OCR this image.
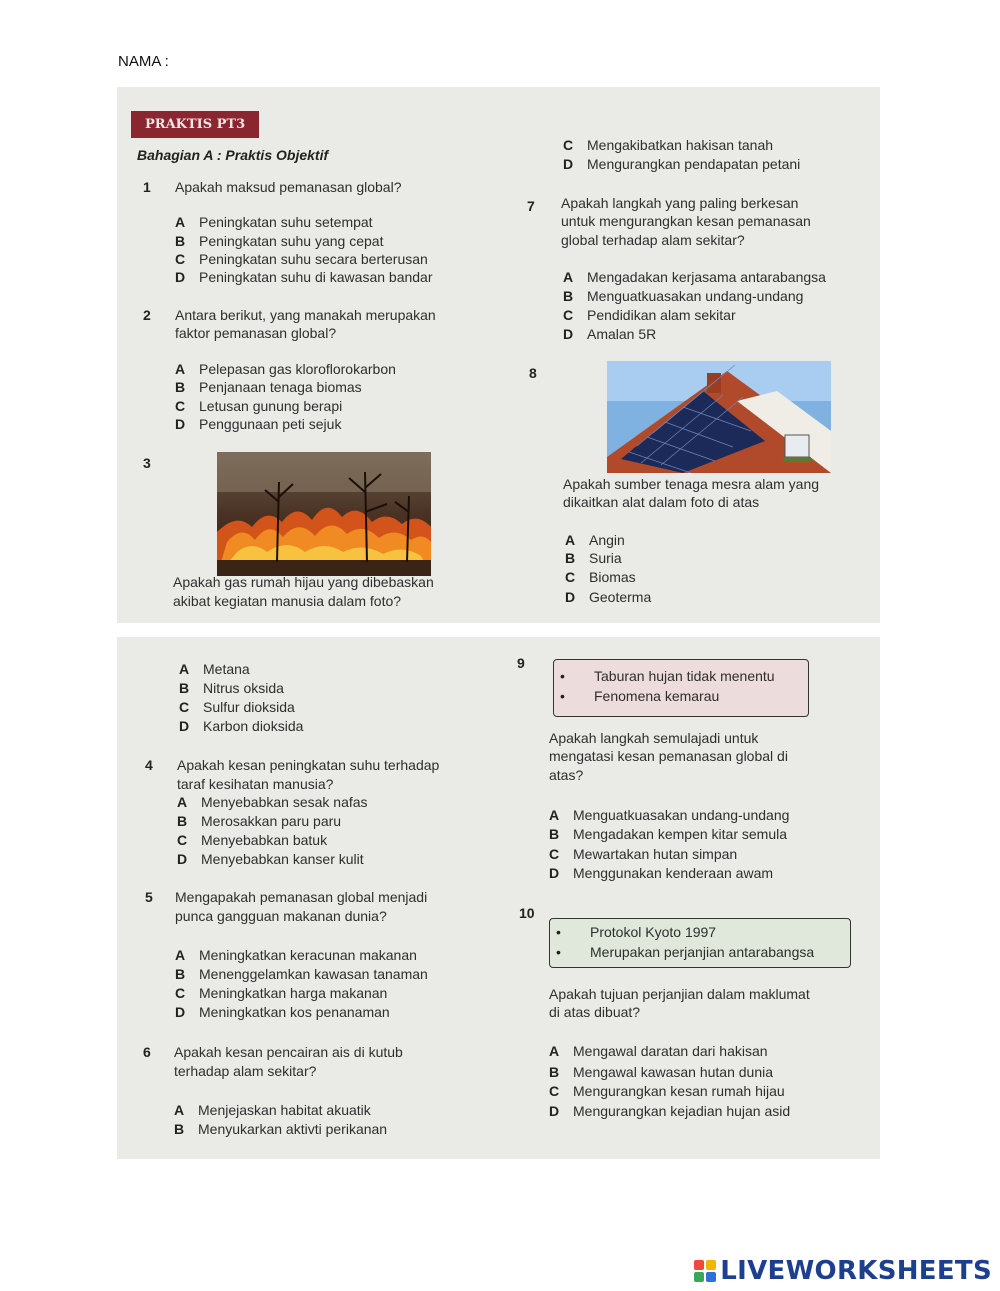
NAMA :
PRAKTIS PT3
Bahagian A : Praktis Objektif
1 Apakah maksud pemanasan global?
A Peningkatan suhu setempat
B Peningkatan suhu yang cepat
C Peningkatan suhu secara berterusan
D Peningkatan suhu di kawasan bandar
2 Antara berikut, yang manakah merupakan
faktor pemanasan global?
A Pelepasan gas kloroflorokarbon
B Penjanaan tenaga biomas
C Letusan gunung berapi
D Penggunaan peti sejuk
3
Apakah gas rumah hijau yang dibebaskan
akibat kegiatan manusia dalam foto?
C Mengakibatkan hakisan tanah
D Mengurangkan pendapatan petani
7 Apakah langkah yang paling berkesan
untuk mengurangkan kesan pemanasan
global terhadap alam sekitar?
A Mengadakan kerjasama antarabangsa
B Menguatkuasakan undang-undang
C Pendidikan alam sekitar
D Amalan 5R
8
Apakah sumber tenaga mesra alam yang
dikaitkan alat dalam foto di atas
A Angin
B Suria
C Biomas
D Geoterma
A Metana
B Nitrus oksida
C Sulfur dioksida
D Karbon dioksida
4 Apakah kesan peningkatan suhu terhadap
taraf kesihatan manusia?
A Menyebabkan sesak nafas
B Merosakkan paru paru
C Menyebabkan batuk
D Menyebabkan kanser kulit
5 Mengapakah pemanasan global menjadi
punca gangguan makanan dunia?
A Meningkatkan keracunan makanan
B Menenggelamkan kawasan tanaman
C Meningkatkan harga makanan
D Meningkatkan kos penanaman
6 Apakah kesan pencairan ais di kutub
terhadap alam sekitar?
A Menjejaskan habitat akuatik
B Menyukarkan aktivti perikanan
9
• Taburan hujan tidak menentu
• Fenomena kemarau
Apakah langkah semulajadi untuk
mengatasi kesan pemanasan global di
atas?
A Menguatkuasakan undang-undang
B Mengadakan kempen kitar semula
C Mewartakan hutan simpan
D Menggunakan kenderaan awam
10
• Protokol Kyoto 1997
• Merupakan perjanjian antarabangsa
Apakah tujuan perjanjian dalam maklumat
di atas dibuat?
A Mengawal daratan dari hakisan
B Mengawal kawasan hutan dunia
C Mengurangkan kesan rumah hijau
D Mengurangkan kejadian hujan asid
LIVEWORKSHEETS
